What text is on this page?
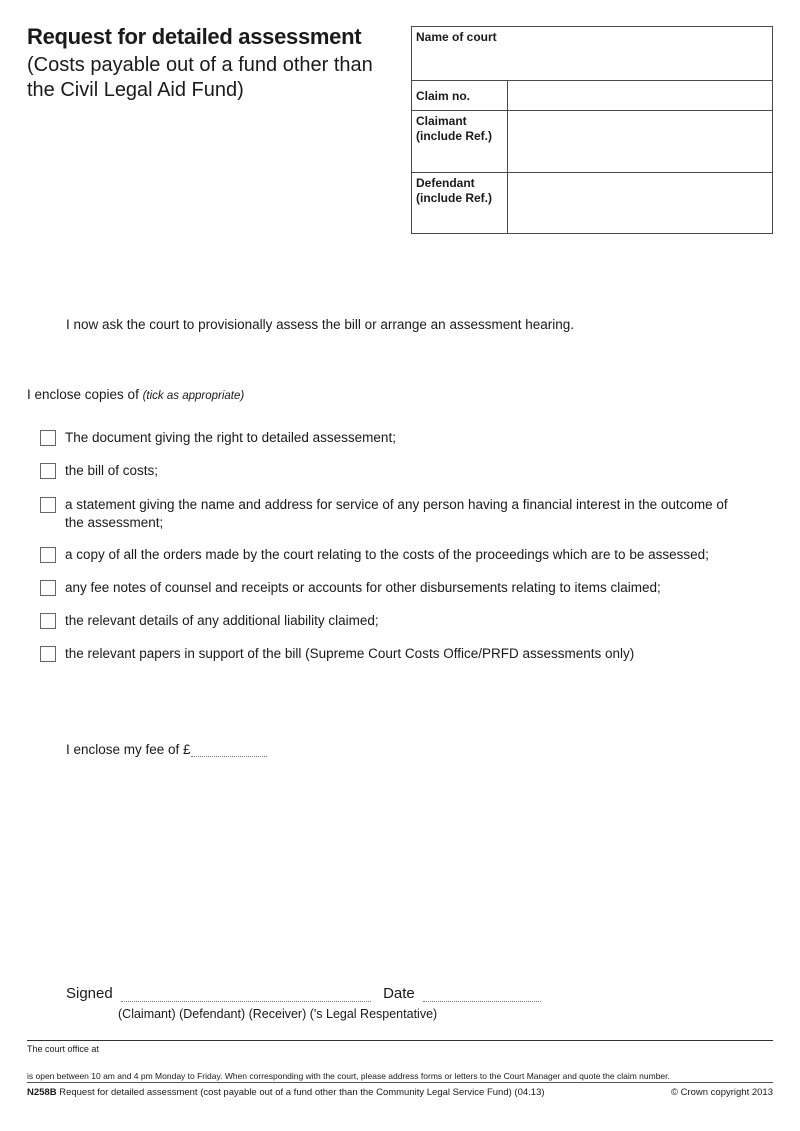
Request for detailed assessment

(Costs payable out of a fund other than the Civil Legal Aid Fund)

Name of court	
Claim no.	

Claimant
(include Ref.)	

Defendant
(include Ref.)	

I now ask the court to provisionally assess the bill or arrange an assessment hearing.
I enclose copies of (tick as appropriate)
The document giving the right to detailed assessement;
the bill of costs;
a statement giving the name and address for service of any person having a financial interest in the outcome of the assessment;
a copy of all the orders made by the court relating to the costs of the proceedings which are to be assessed;
any fee notes of counsel and receipts or accounts for other disbursements relating to items claimed;
the relevant details of any additional liability claimed;
the relevant papers in support of the bill (Supreme Court Costs Office/PRFD assessments only)
I enclose my fee of £
Signed	Date
(Claimant) (Defendant) (Receiver) ('s Legal Respentative)
The court office at
is open between 10 am and 4 pm Monday to Friday. When corresponding with the court, please address forms or letters to the Court Manager and quote the claim number.
N258B Request for detailed assessment (cost payable out of a fund other than the Community Legal Service Fund) (04.13)	© Crown copyright 2013
